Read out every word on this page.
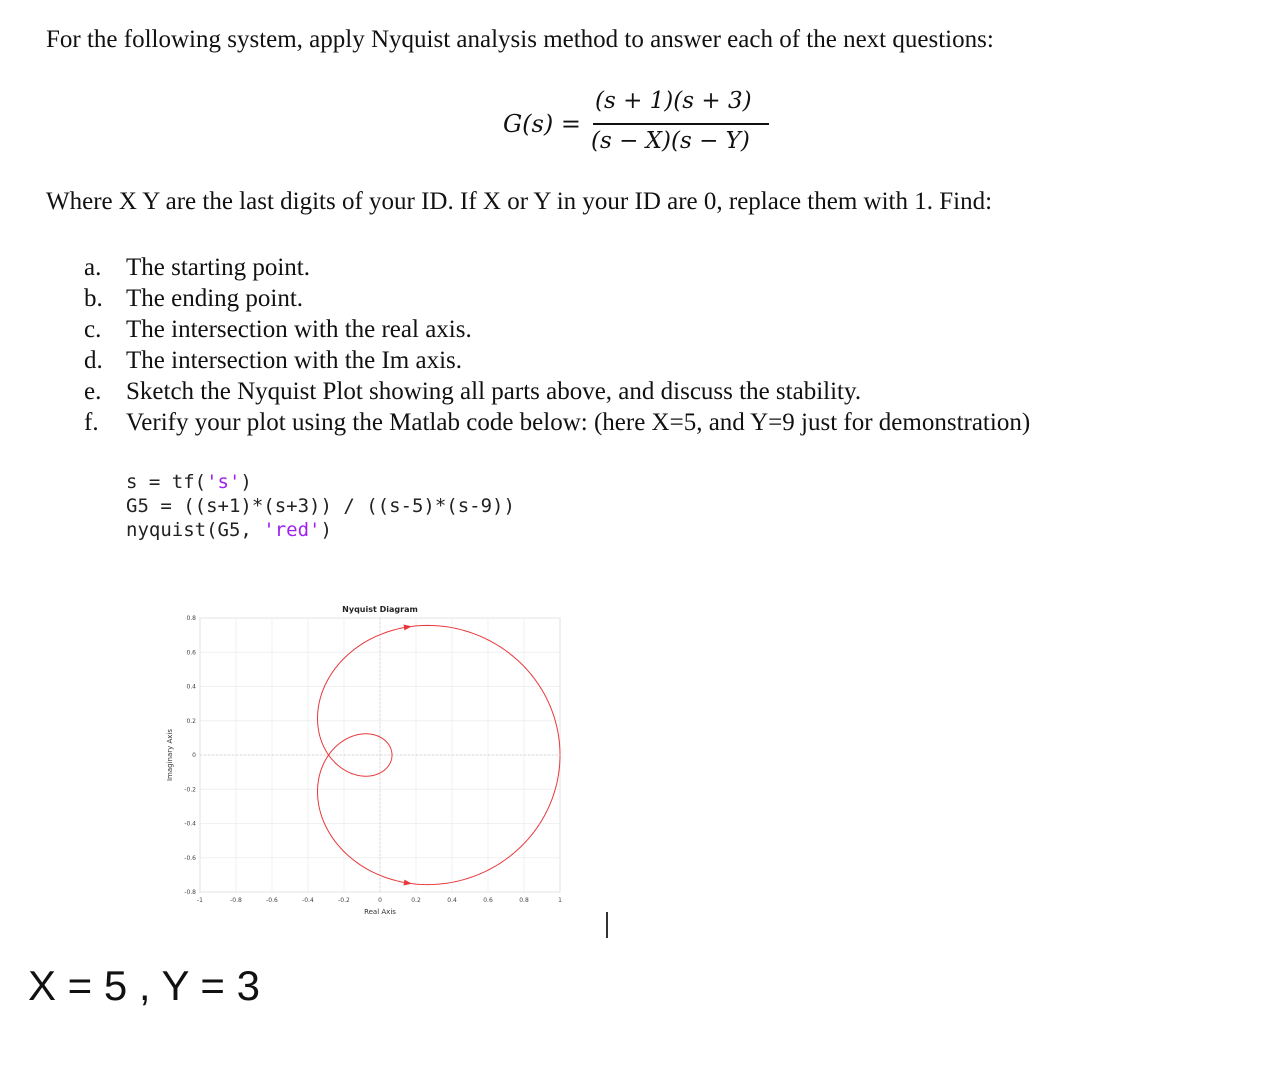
For the following system, apply Nyquist analysis method to answer each of the next questions:
G(s) =
(s + 1)(s + 3)
(s − X)(s − Y)
Where X Y are the last digits of your ID. If X or Y in your ID are 0, replace them with 1. Find:
a. The starting point.
b. The ending point.
c. The intersection with the real axis.
d. The intersection with the Im axis.
e. Sketch the Nyquist Plot showing all parts above, and discuss the stability.
f.	Verify your plot using the Matlab code below: (here X=5, and Y=9 just for demonstration)
s = tf('s')
G5 = ((s+1)*(s+3)) / ((s-5)*(s-9))
nyquist(G5, 'red')
-1	-0.8	-0.6	-0.4	-0.2	0	0.2	0.4	0.6	0.8	1
0.8
0.6
0.4
0.2
0
-0.2
-0.4
-0.6
-0.8
Nyquist Diagram
Real Axis
Imaginary Axis
X = 5 , Y = 3
